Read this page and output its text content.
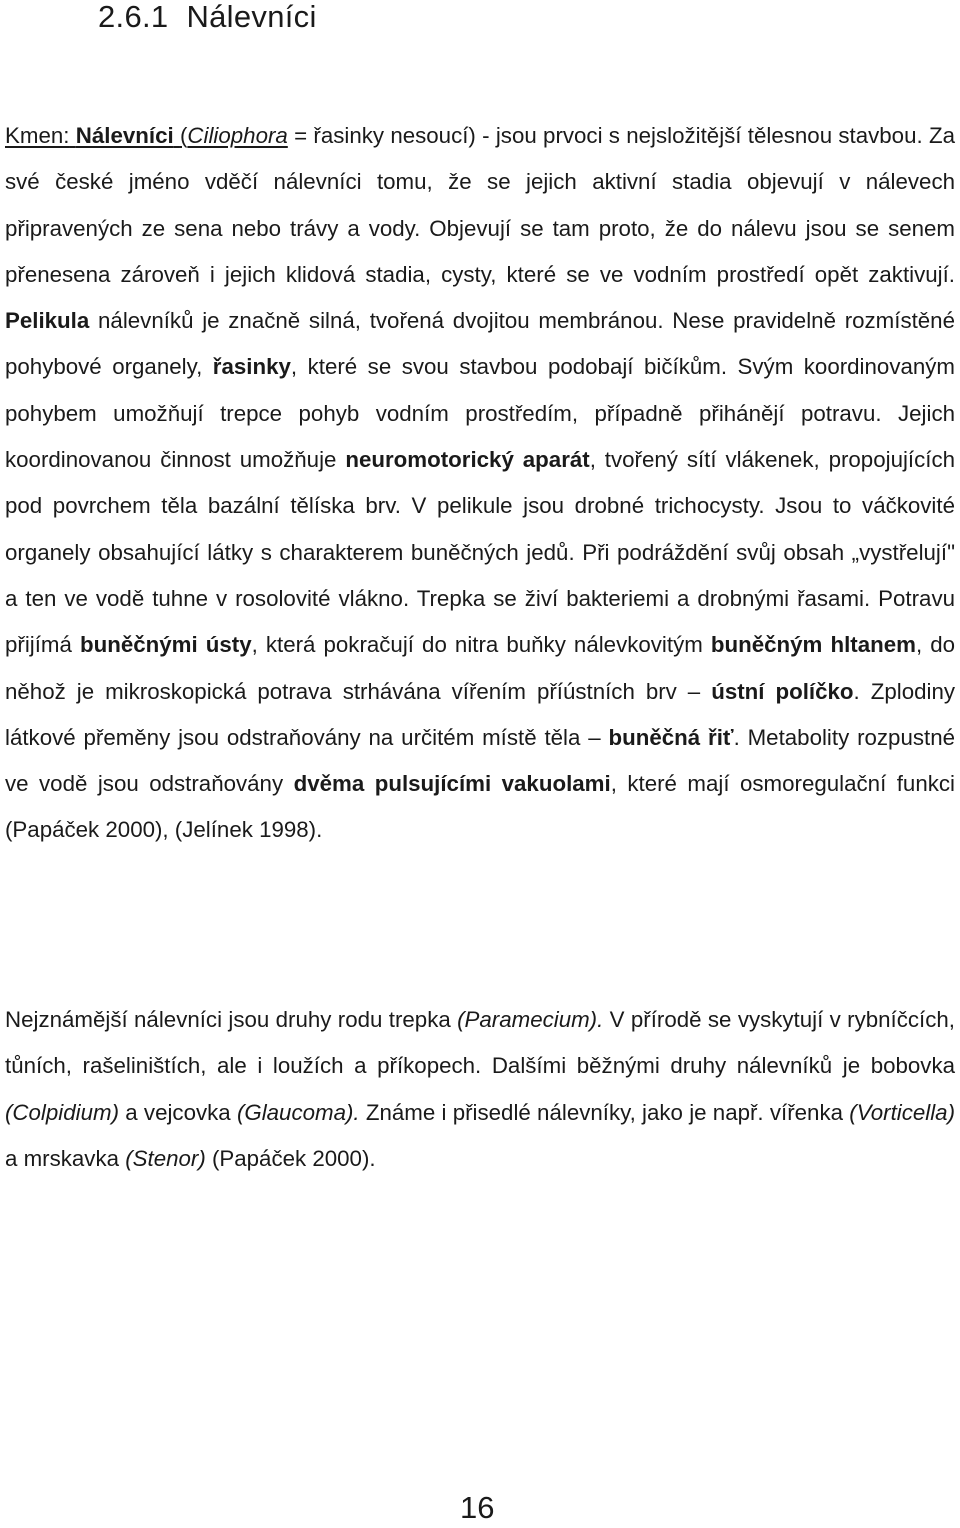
2.6.1 Nálevníci

Kmen: Nálevníci (Ciliophora = řasinky nesoucí) - jsou prvoci s nejsložitější tělesnou stavbou. Za své české jméno vděčí nálevníci tomu, že se jejich aktivní stadia objevují v nálevech připravených ze sena nebo trávy a vody. Objevují se tam proto, že do nálevu jsou se senem přenesena zároveň i jejich klidová stadia, cysty, které se ve vodním prostředí opět zaktivují. Pelikula nálevníků je značně silná, tvořená dvojitou membránou. Nese pravidelně rozmístěné pohybové organely, řasinky, které se svou stavbou podobají bičíkům. Svým koordinovaným pohybem umožňují trepce pohyb vodním prostředím, případně přihánějí potravu. Jejich koordinovanou činnost umožňuje neuromotorický aparát, tvořený sítí vlákenek, propojujících pod povrchem těla bazální tělíska brv. V pelikule jsou drobné trichocysty. Jsou to váčkovité organely obsahující látky s charakterem buněčných jedů. Při podráždění svůj obsah „vystřelují" a ten ve vodě tuhne v rosolovité vlákno. Trepka se živí bakteriemi a drobnými řasami. Potravu přijímá buněčnými ústy, která pokračují do nitra buňky nálevkovitým buněčným hltanem, do něhož je mikroskopická potrava strhávána vířením příústních brv – ústní políčko. Zplodiny látkové přeměny jsou odstraňovány na určitém místě těla – buněčná řiť. Metabolity rozpustné ve vodě jsou odstraňovány dvěma pulsujícími vakuolami, které mají osmoregulační funkci (Papáček 2000), (Jelínek 1998).

Nejznámější nálevníci jsou druhy rodu trepka (Paramecium). V přírodě se vyskytují v rybníčcích, tůních, rašeliništích, ale i loužích a příkopech. Dalšími běžnými druhy nálevníků je bobovka (Colpidium) a vejcovka (Glaucoma). Známe i přisedlé nálevníky, jako je např. vířenka (Vorticella) a mrskavka (Stenor) (Papáček 2000).

16
